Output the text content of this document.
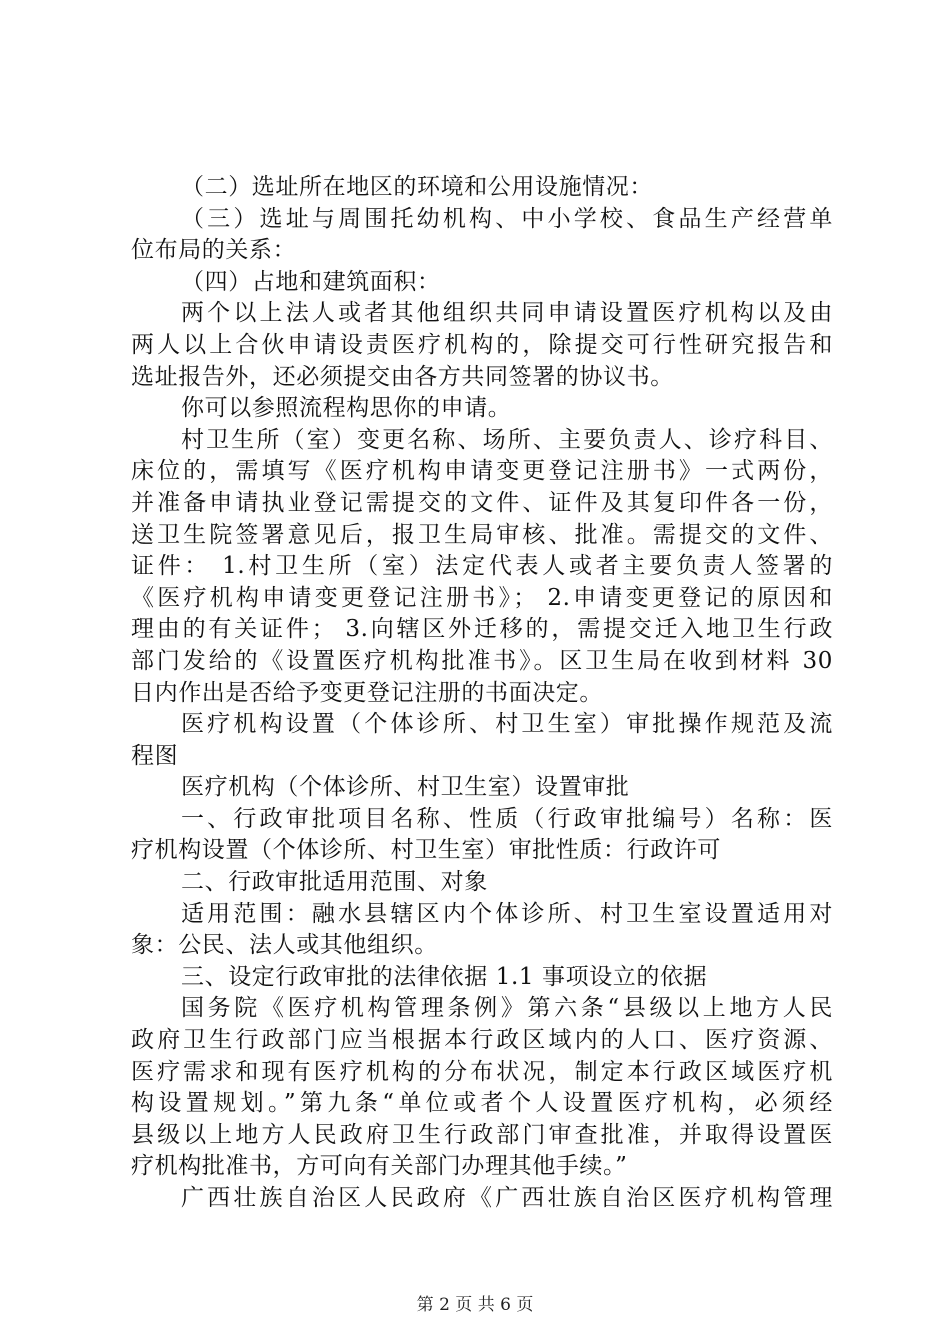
（二）选址所在地区的环境和公用设施情况：
（三）选址与周围托幼机构、中小学校、食品生产经营单
位布局的关系：
（四）占地和建筑面积：
两个以上法人或者其他组织共同申请设置医疗机构以及由
两人以上合伙申请设责医疗机构的，除提交可行性研究报告和
选址报告外，还必须提交由各方共同签署的协议书。
你可以参照流程构思你的申请。
村卫生所（室）变更名称、场所、主要负责人、诊疗科目、
床位的，需填写《医疗机构申请变更登记注册书》一式两份，
并准备申请执业登记需提交的文件、证件及其复印件各一份，
送卫生院签署意见后，报卫生局审核、批准。需提交的文件、
证件： 1.村卫生所（室）法定代表人或者主要负责人签署的
《医疗机构申请变更登记注册书》； 2.申请变更登记的原因和
理由的有关证件； 3.向辖区外迁移的，需提交迁入地卫生行政
部门发给的《设置医疗机构批准书》。区卫生局在收到材料 30
日内作出是否给予变更登记注册的书面决定。
医疗机构设置（个体诊所、村卫生室）审批操作规范及流
程图
医疗机构（个体诊所、村卫生室）设置审批
一、行政审批项目名称、性质（行政审批编号）名称：医
疗机构设置（个体诊所、村卫生室）审批性质：行政许可
二、行政审批适用范围、对象
适用范围：融水县辖区内个体诊所、村卫生室设置适用对
象：公民、法人或其他组织。
三、设定行政审批的法律依据 1.1 事项设立的依据
国务院《医疗机构管理条例》第六条“县级以上地方人民
政府卫生行政部门应当根据本行政区域内的人口、医疗资源、
医疗需求和现有医疗机构的分布状况，制定本行政区域医疗机
构设置规划。”第九条“单位或者个人设置医疗机构，必须经
县级以上地方人民政府卫生行政部门审查批准，并取得设置医
疗机构批准书，方可向有关部门办理其他手续。”
广西壮族自治区人民政府《广西壮族自治区医疗机构管理
第 2 页 共 6 页
